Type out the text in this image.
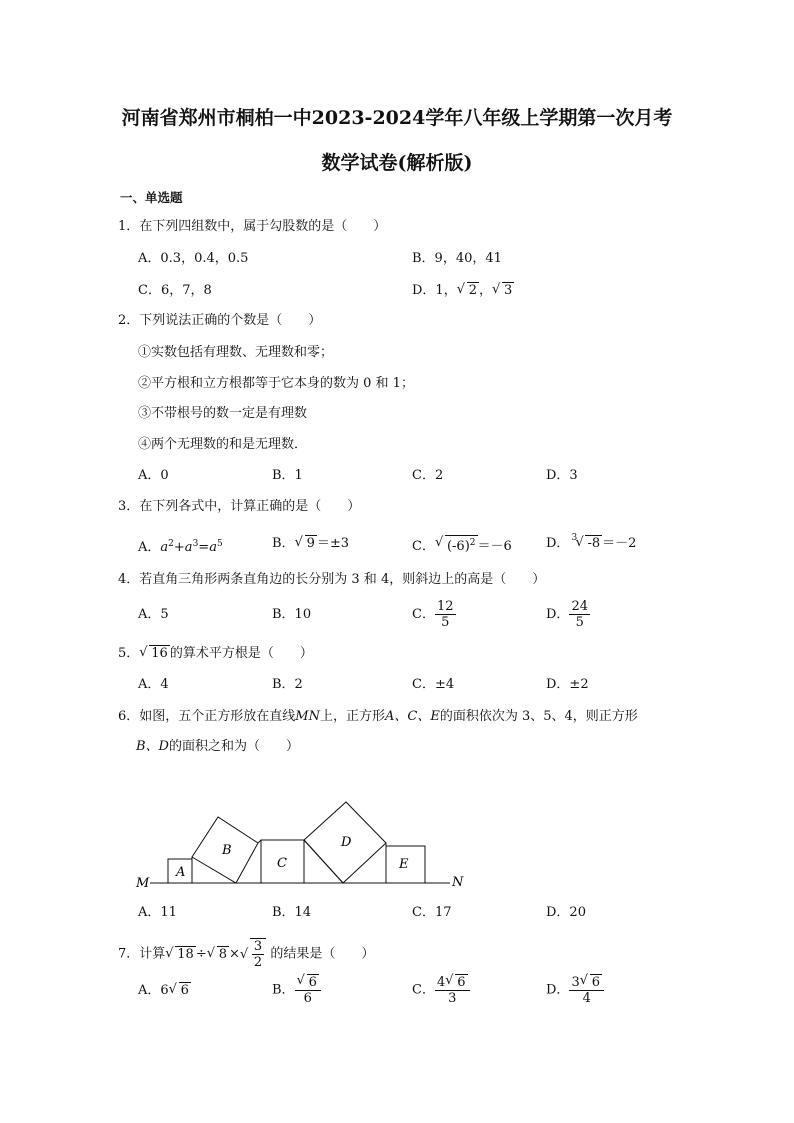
河南省郑州市桐柏一中2023-2024学年八年级上学期第一次月考
数学试卷(解析版)
一、单选题
1．在下列四组数中，属于勾股数的是（　　）
A．0.3，0.4，0.5	B．9，40，41
C．6，7，8	D．1， √ 2 ， √ 3
2．下列说法正确的个数是（　　）
①实数包括有理数、无理数和零；
②平方根和立方根都等于它本身的数为 0 和 1；
③不带根号的数一定是有理数
④两个无理数的和是无理数．
A．0	B．1	C．2	D．3
3．在下列各式中，计算正确的是（　　）
A．$a^2+a^3=a^5$	B． √ 9 ＝±3	C． √ $(-6)^2 =-6$	D． 3
√ -8 ＝－2
4．若直角三角形两条直角边的长分别为 3 和 4，则斜边上的高是（　　）
A．5	B．10	C． $\frac{12}{5}$	D． $\frac{24}{5}$
5． √ 16 的算术平方根是（　　）
A．4	B．2	C．±4	D．±2
6．如图，五个正方形放在直线MN上，正方形A、C、E的面积依次为 3、5、4，则正方形
B、D的面积之和为（　　）
M	N
A
B
C
D
E
A．11	B．14	C．17	D．20
7．计算 √ 18 ÷ √ 8 × √ $\frac{3}{2}$ 的结果是（　　）
A．6 √ 6	B． $\frac{√ 6}{6}$	C． $\frac{4 √ 6}{3}$	D． $\frac{3 √ 6}{4}$
